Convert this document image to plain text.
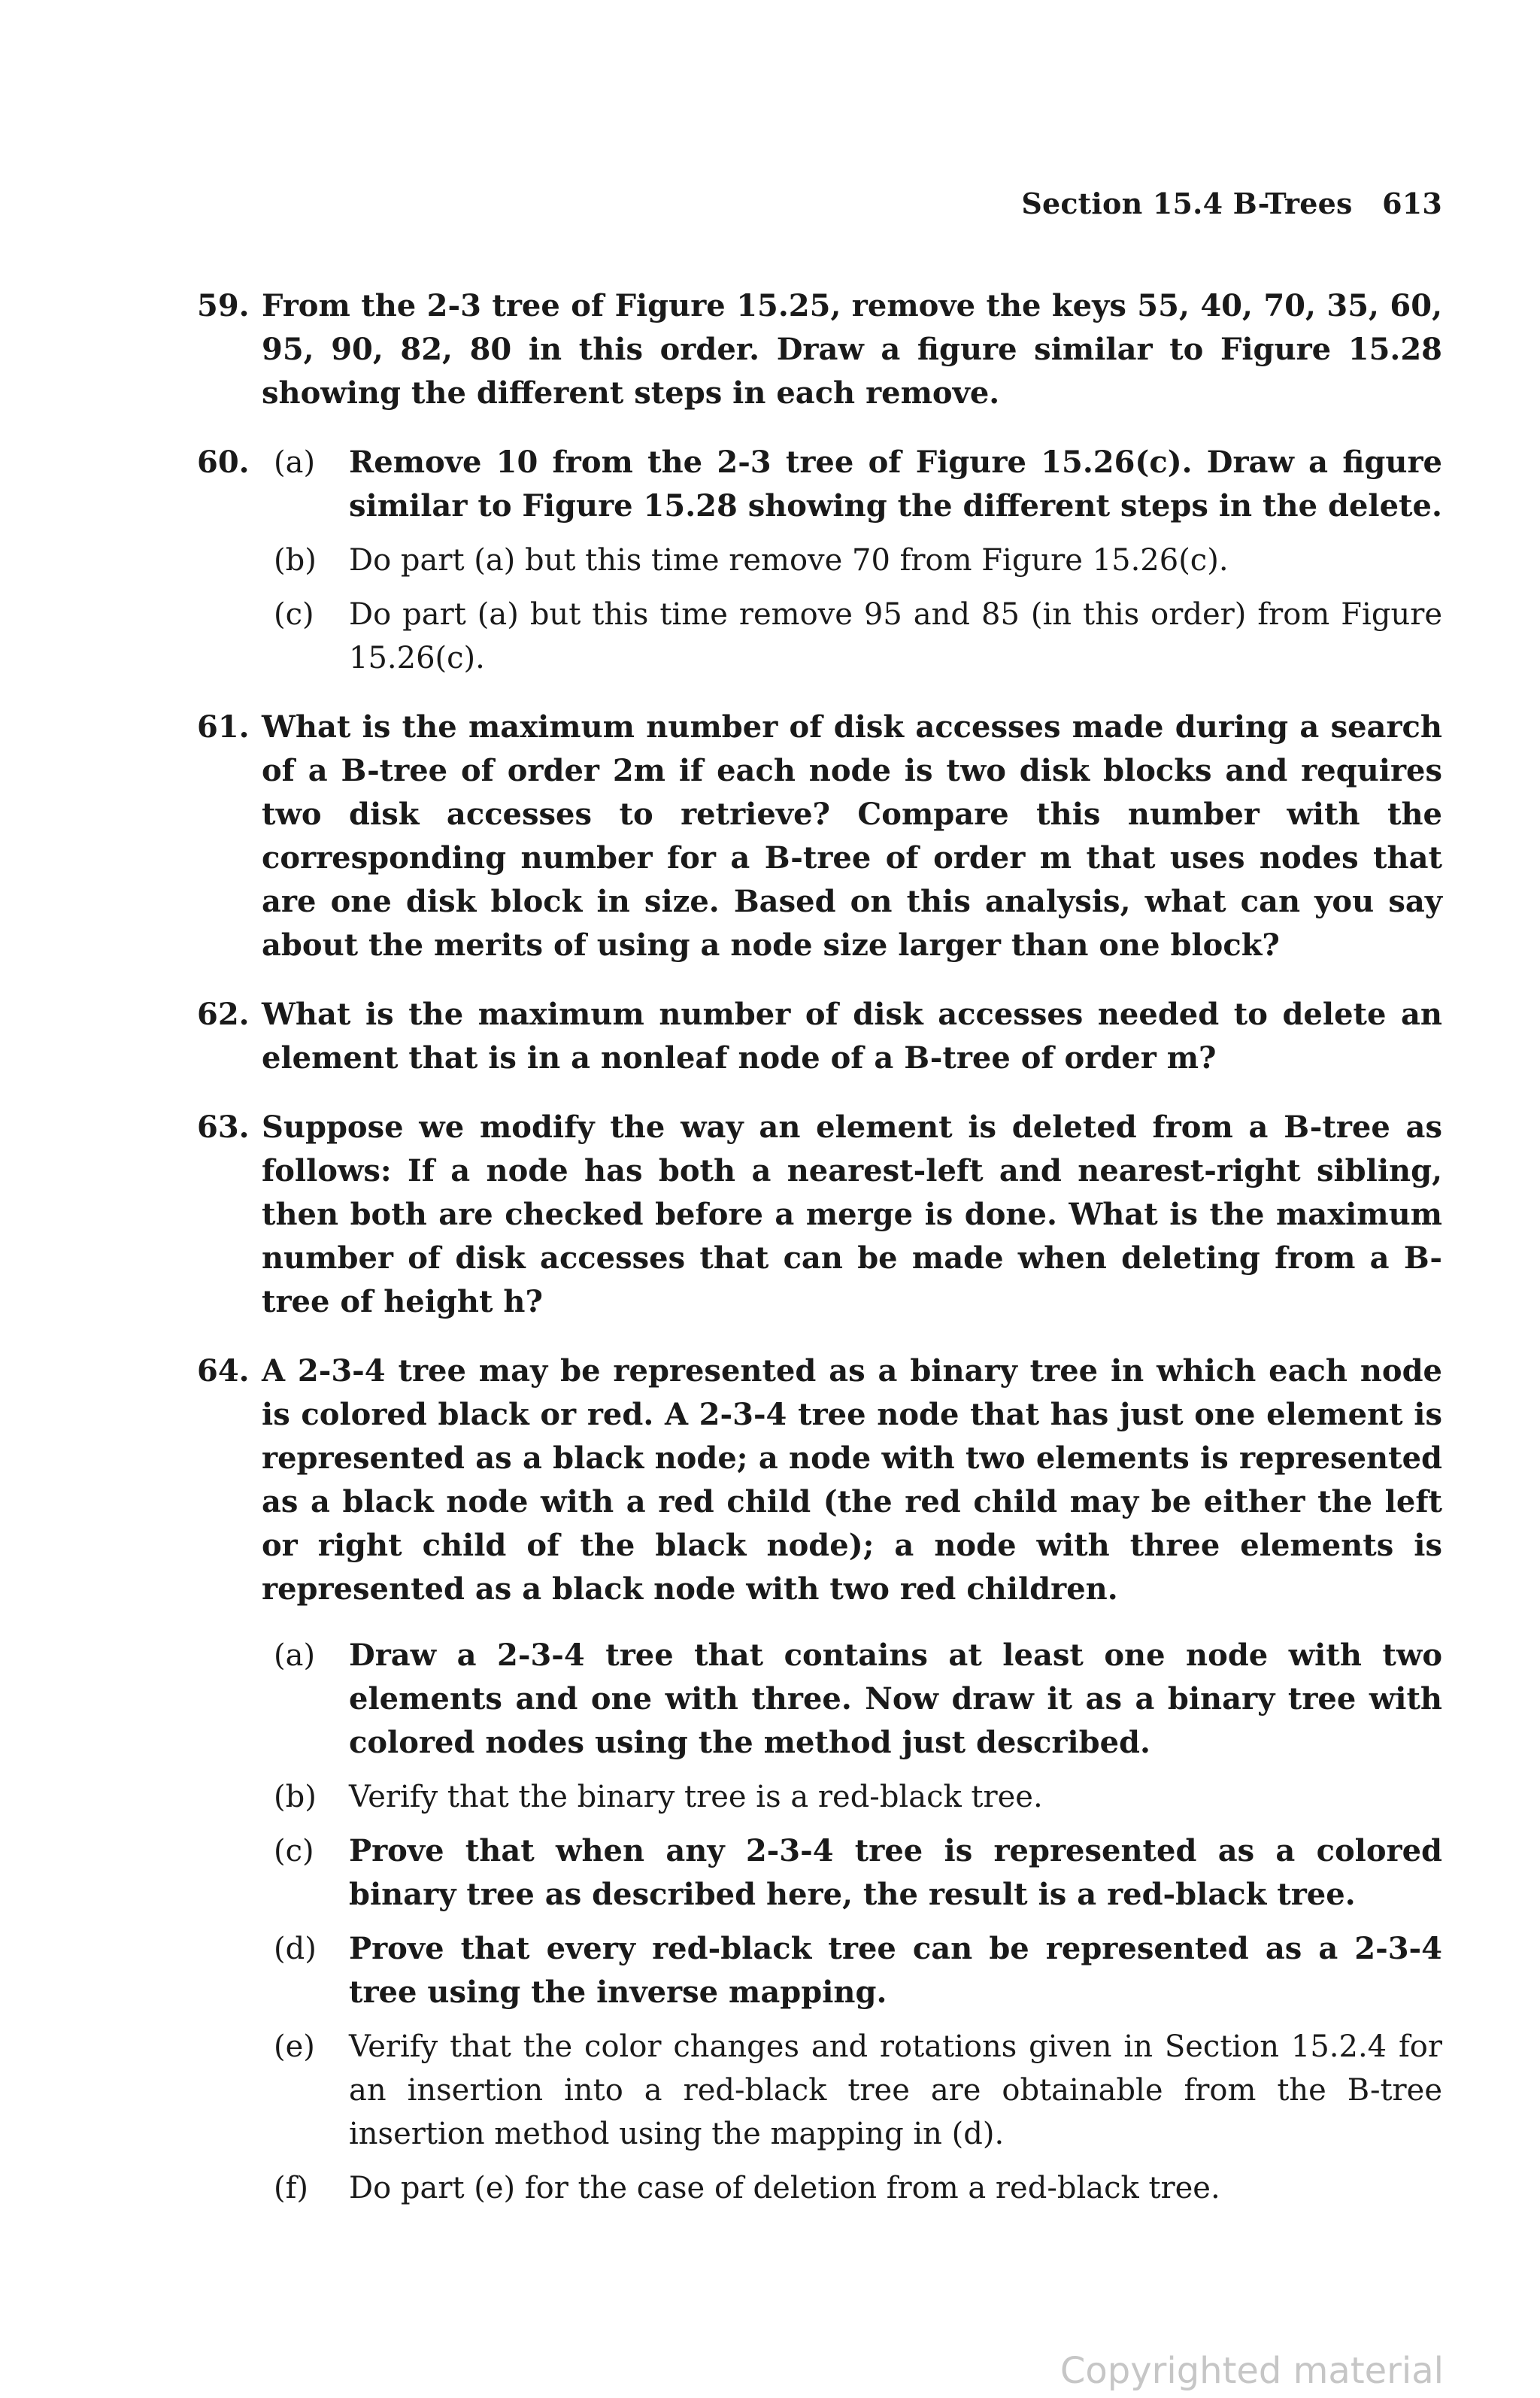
Section 15.4 B-Trees 613
59. From the 2-3 tree of Figure 15.25, remove the keys 55, 40, 70, 35, 60, 95, 90, 82, 80 in this order. Draw a figure similar to Figure 15.28 showing the different steps in each remove.
60. (a) Remove 10 from the 2-3 tree of Figure 15.26(c). Draw a figure similar to Figure 15.28 showing the different steps in the delete.
(b) Do part (a) but this time remove 70 from Figure 15.26(c).
(c) Do part (a) but this time remove 95 and 85 (in this order) from Figure 15.26(c).
61. What is the maximum number of disk accesses made during a search of a B-tree of order 2m if each node is two disk blocks and requires two disk accesses to retrieve? Compare this number with the corresponding number for a B-tree of order m that uses nodes that are one disk block in size. Based on this analysis, what can you say about the merits of using a node size larger than one block?
62. What is the maximum number of disk accesses needed to delete an element that is in a nonleaf node of a B-tree of order m?
63. Suppose we modify the way an element is deleted from a B-tree as follows: If a node has both a nearest-left and nearest-right sibling, then both are checked before a merge is done. What is the maximum number of disk accesses that can be made when deleting from a B-tree of height h?
64. A 2-3-4 tree may be represented as a binary tree in which each node is colored black or red. A 2-3-4 tree node that has just one element is represented as a black node; a node with two elements is represented as a black node with a red child (the red child may be either the left or right child of the black node); a node with three elements is represented as a black node with two red children.
(a) Draw a 2-3-4 tree that contains at least one node with two elements and one with three. Now draw it as a binary tree with colored nodes using the method just described.
(b) Verify that the binary tree is a red-black tree.
(c) Prove that when any 2-3-4 tree is represented as a colored binary tree as described here, the result is a red-black tree.
(d) Prove that every red-black tree can be represented as a 2-3-4 tree using the inverse mapping.
(e) Verify that the color changes and rotations given in Section 15.2.4 for an insertion into a red-black tree are obtainable from the B-tree insertion method using the mapping in (d).
(f) Do part (e) for the case of deletion from a red-black tree.
Copyrighted material
